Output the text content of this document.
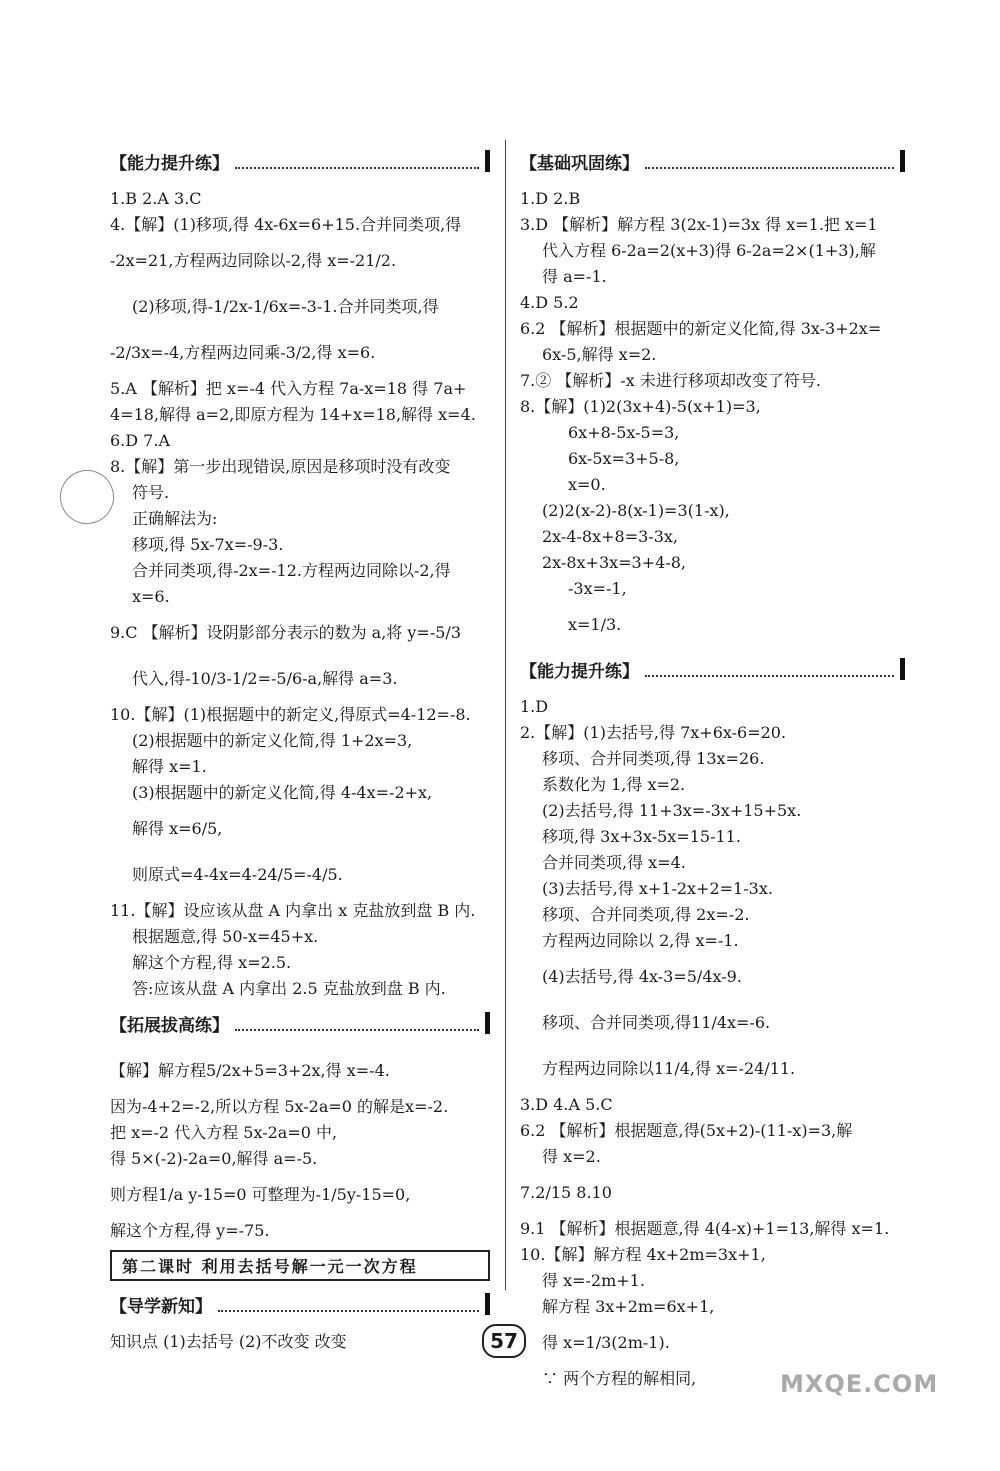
【能力提升练】
1.B 2.A 3.C
4.【解】(1)移项,得 4x-6x=6+15.合并同类项,得
-2x=21,方程两边同除以-2,得 x=-21/2.
(2)移项,得-1/2x-1/6x=-3-1.合并同类项,得
-2/3x=-4,方程两边同乘-3/2,得 x=6.
5.A 【解析】把 x=-4 代入方程 7a-x=18 得 7a+
4=18,解得 a=2,即原方程为 14+x=18,解得 x=4.
6.D 7.A
8.【解】第一步出现错误,原因是移项时没有改变
符号.
正确解法为:
移项,得 5x-7x=-9-3.
合并同类项,得-2x=-12.方程两边同除以-2,得
x=6.
9.C 【解析】设阴影部分表示的数为 a,将 y=-5/3
代入,得-10/3-1/2=-5/6-a,解得 a=3.
10.【解】(1)根据题中的新定义,得原式=4-12=-8.
(2)根据题中的新定义化简,得 1+2x=3,
解得 x=1.
(3)根据题中的新定义化简,得 4-4x=-2+x,
解得 x=6/5,
则原式=4-4x=4-24/5=-4/5.
11.【解】设应该从盘 A 内拿出 x 克盐放到盘 B 内.
根据题意,得 50-x=45+x.
解这个方程,得 x=2.5.
答:应该从盘 A 内拿出 2.5 克盐放到盘 B 内.
【拓展拔高练】
【解】解方程5/2x+5=3+2x,得 x=-4.
因为-4+2=-2,所以方程 5x-2a=0 的解是x=-2.
把 x=-2 代入方程 5x-2a=0 中,
得 5×(-2)-2a=0,解得 a=-5.
则方程1/a y-15=0 可整理为-1/5y-15=0,
解这个方程,得 y=-75.
第二课时 利用去括号解一元一次方程
【导学新知】
知识点 (1)去括号 (2)不改变 改变
【基础巩固练】
1.D 2.B
3.D 【解析】解方程 3(2x-1)=3x 得 x=1.把 x=1
代入方程 6-2a=2(x+3)得 6-2a=2×(1+3),解
得 a=-1.
4.D 5.2
6.2 【解析】根据题中的新定义化简,得 3x-3+2x=
6x-5,解得 x=2.
7.② 【解析】-x 未进行移项却改变了符号.
8.【解】(1)2(3x+4)-5(x+1)=3,
6x+8-5x-5=3,
6x-5x=3+5-8,
x=0.
(2)2(x-2)-8(x-1)=3(1-x),
2x-4-8x+8=3-3x,
2x-8x+3x=3+4-8,
-3x=-1,
x=1/3.
【能力提升练】
1.D
2.【解】(1)去括号,得 7x+6x-6=20.
移项、合并同类项,得 13x=26.
系数化为 1,得 x=2.
(2)去括号,得 11+3x=-3x+15+5x.
移项,得 3x+3x-5x=15-11.
合并同类项,得 x=4.
(3)去括号,得 x+1-2x+2=1-3x.
移项、合并同类项,得 2x=-2.
方程两边同除以 2,得 x=-1.
(4)去括号,得 4x-3=5/4x-9.
移项、合并同类项,得11/4x=-6.
方程两边同除以11/4,得 x=-24/11.
3.D 4.A 5.C
6.2 【解析】根据题意,得(5x+2)-(11-x)=3,解
得 x=2.
7.2/15 8.10
9.1 【解析】根据题意,得 4(4-x)+1=13,解得 x=1.
10.【解】解方程 4x+2m=3x+1,
得 x=-2m+1.
解方程 3x+2m=6x+1,
得 x=1/3(2m-1).
∵ 两个方程的解相同,
57
MXQE.COM
